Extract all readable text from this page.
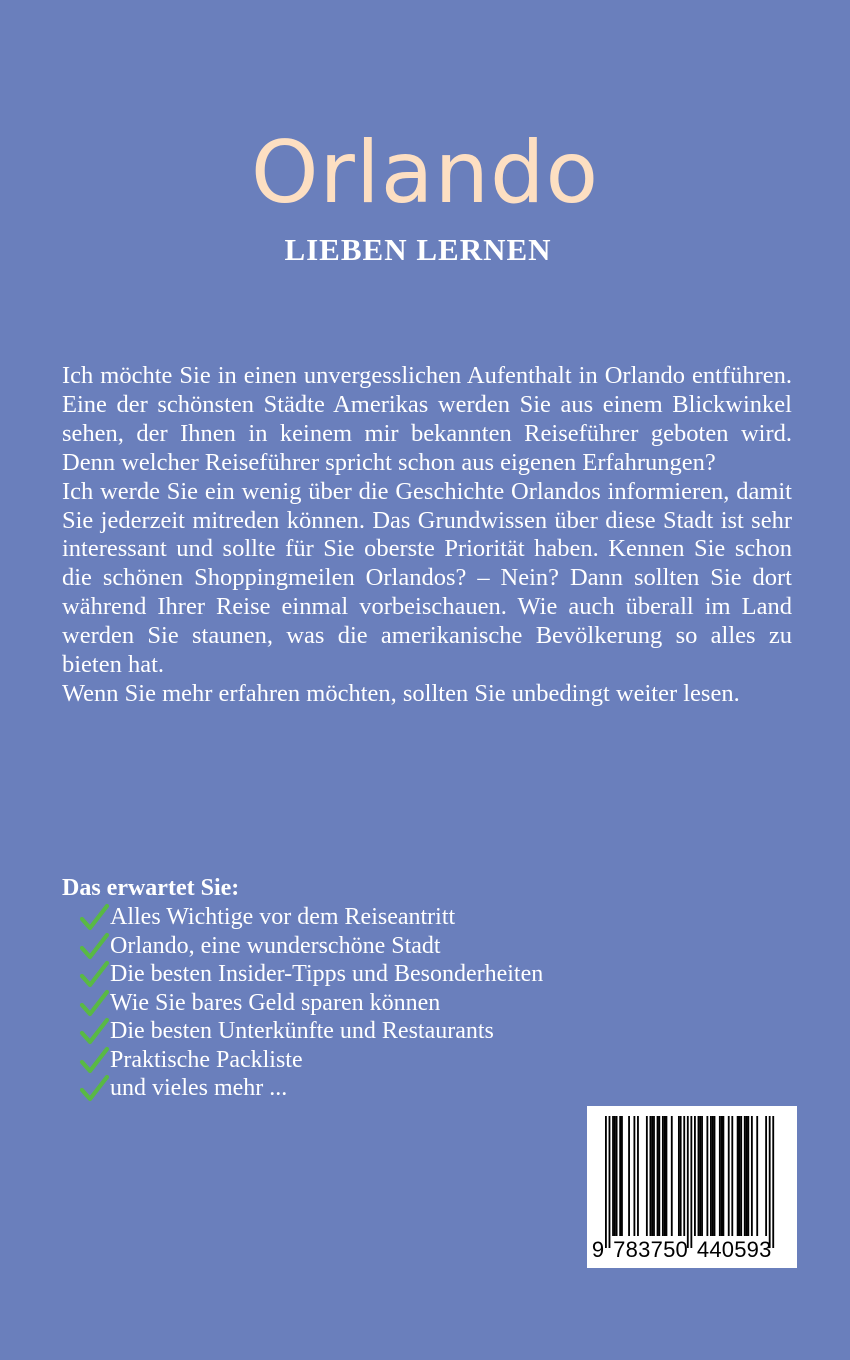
Orlando
LIEBEN LERNEN

Ich möchte Sie in einen unvergesslichen Aufenthalt in Orlando entführen. Eine der schönsten Städte Amerikas werden Sie aus einem Blickwinkel sehen, der Ihnen in keinem mir bekannten Reiseführer geboten wird. Denn welcher Reiseführer spricht schon aus eigenen Erfahrungen?

Ich werde Sie ein wenig über die Geschichte Orlandos informieren, damit Sie jederzeit mitreden können. Das Grundwissen über diese Stadt ist sehr interessant und sollte für Sie oberste Priorität haben. Kennen Sie schon die schönen Shoppingmeilen Orlandos? – Nein? Dann sollten Sie dort während Ihrer Reise einmal vorbeischauen. Wie auch überall im Land werden Sie staunen, was die amerikanische Bevölkerung so alles zu bieten hat.

Wenn Sie mehr erfahren möchten, sollten Sie unbedingt weiter lesen.

Das erwartet Sie:
Alles Wichtige vor dem Reiseantritt
Orlando, eine wunderschöne Stadt
Die besten Insider-Tipps und Besonderheiten
Wie Sie bares Geld sparen können
Die besten Unterkünfte und Restaurants
Praktische Packliste
und vieles mehr ...
9 7 8 3 7 5 0 4 4 0 5 9 3
